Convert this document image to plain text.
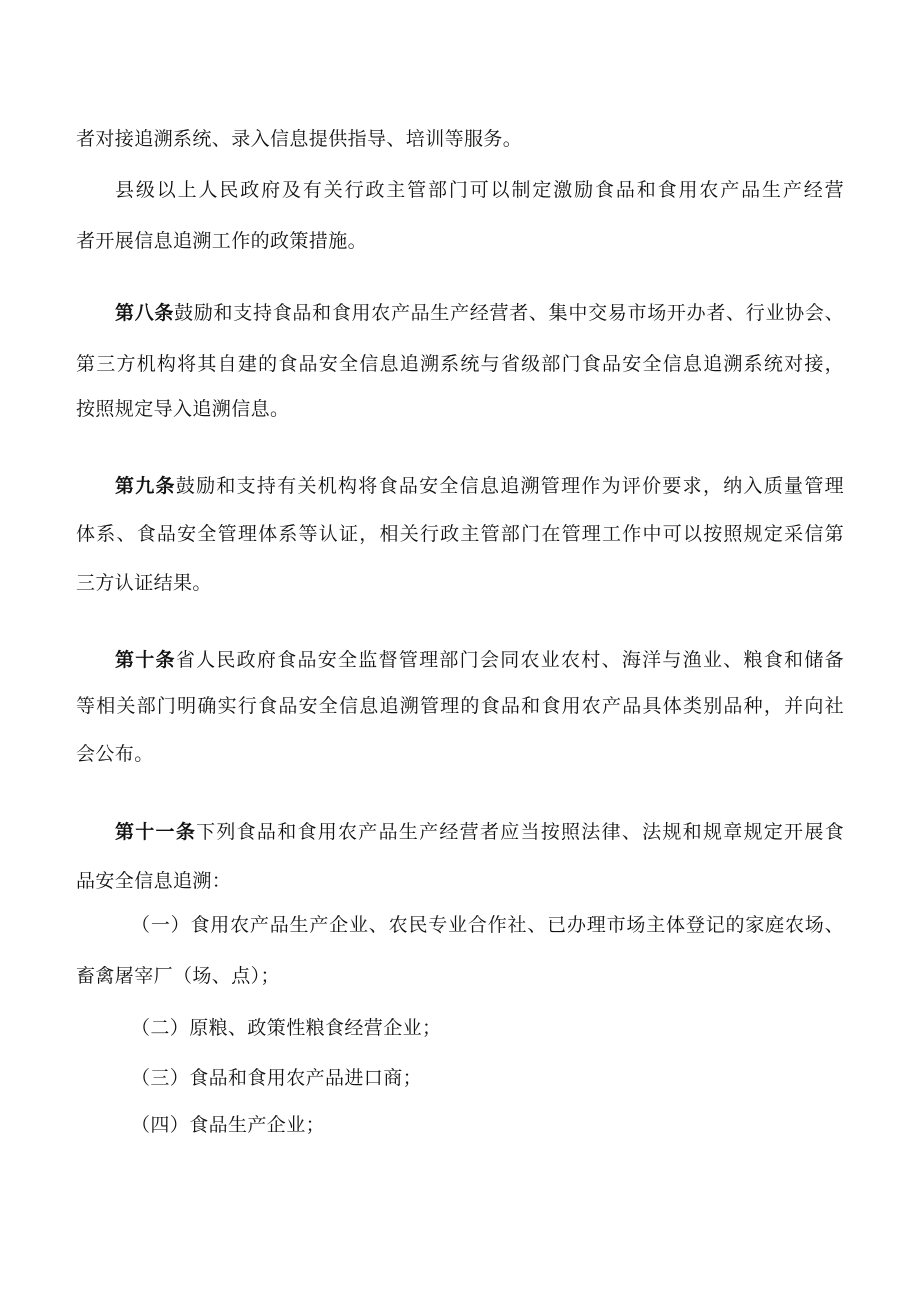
者对接追溯系统、录入信息提供指导、培训等服务。
县级以上人民政府及有关行政主管部门可以制定激励食品和食用农产品生产经营
者开展信息追溯工作的政策措施。
第八条鼓励和支持食品和食用农产品生产经营者、集中交易市场开办者、行业协会、
第三方机构将其自建的食品安全信息追溯系统与省级部门食品安全信息追溯系统对接，
按照规定导入追溯信息。
第九条鼓励和支持有关机构将食品安全信息追溯管理作为评价要求，纳入质量管理
体系、食品安全管理体系等认证，相关行政主管部门在管理工作中可以按照规定采信第
三方认证结果。
第十条省人民政府食品安全监督管理部门会同农业农村、海洋与渔业、粮食和储备
等相关部门明确实行食品安全信息追溯管理的食品和食用农产品具体类别品种，并向社
会公布。
第十一条下列食品和食用农产品生产经营者应当按照法律、法规和规章规定开展食
品安全信息追溯：
（一）食用农产品生产企业、农民专业合作社、已办理市场主体登记的家庭农场、
畜禽屠宰厂（场、点）；
（二）原粮、政策性粮食经营企业；
（三）食品和食用农产品进口商；
（四）食品生产企业；
